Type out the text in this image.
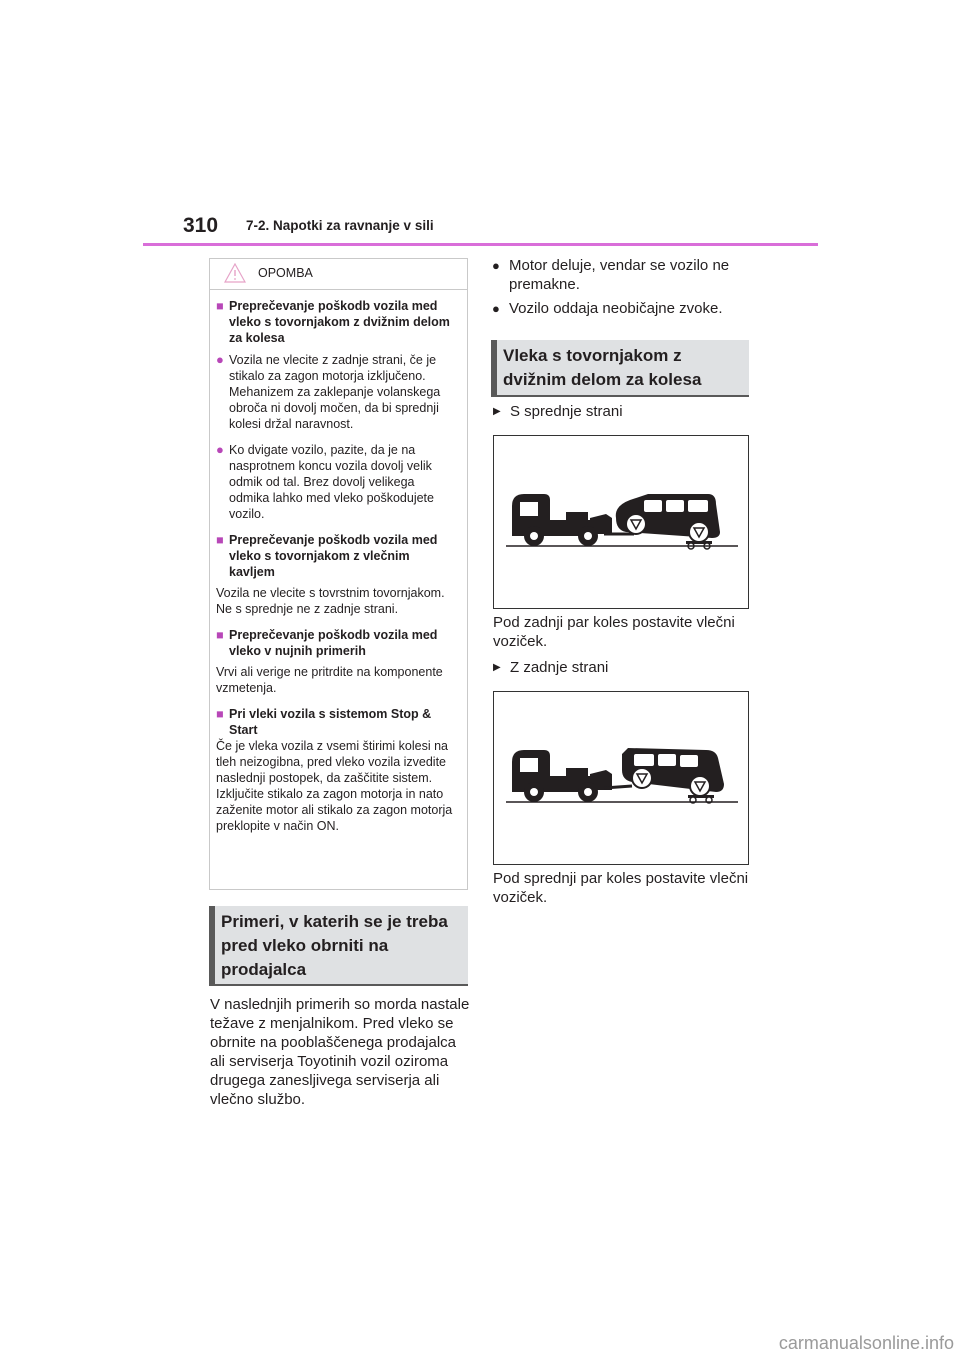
310 7-2. Napotki za ravnanje v sili
OPOMBA
■ Preprečevanje poškodb vozila med vleko s tovornjakom z dvižnim delom za kolesa
● Vozila ne vlecite z zadnje strani, če je stikalo za zagon motorja izključeno. Mehanizem za zaklepanje volanskega obroča ni dovolj močen, da bi sprednji kolesi držal naravnost.
● Ko dvigate vozilo, pazite, da je na nasprotnem koncu vozila dovolj velik odmik od tal. Brez dovolj velikega odmika lahko med vleko poškodujete vozilo.
■ Preprečevanje poškodb vozila med vleko s tovornjakom z vlečnim kavljem
Vozila ne vlecite s tovrstnim tovornjakom. Ne s sprednje ne z zadnje strani.
■ Preprečevanje poškodb vozila med vleko v nujnih primerih
Vrvi ali verige ne pritrdite na komponente vzmetenja.
■ Pri vleki vozila s sistemom Stop & Start
Če je vleka vozila z vsemi štirimi kolesi na tleh neizogibna, pred vleko vozila izvedite naslednji postopek, da zaščitite sistem. Izključite stikalo za zagon motorja in nato zaženite motor ali stikalo za zagon motorja preklopite v način ON.
Primeri, v katerih se je treba pred vleko obrniti na prodajalca
V naslednjih primerih so morda nastale težave z menjalnikom. Pred vleko se obrnite na pooblaščenega prodajalca ali serviserja Toyotinih vozil oziroma drugega zanesljivega serviserja ali vlečno službo.
● Motor deluje, vendar se vozilo ne premakne.
● Vozilo oddaja neobičajne zvoke.
Vleka s tovornjakom z dvižnim delom za kolesa
▶ S sprednje strani
Pod zadnji par koles postavite vlečni voziček.
▶ Z zadnje strani
Pod sprednji par koles postavite vlečni voziček.
carmanualsonline.info
